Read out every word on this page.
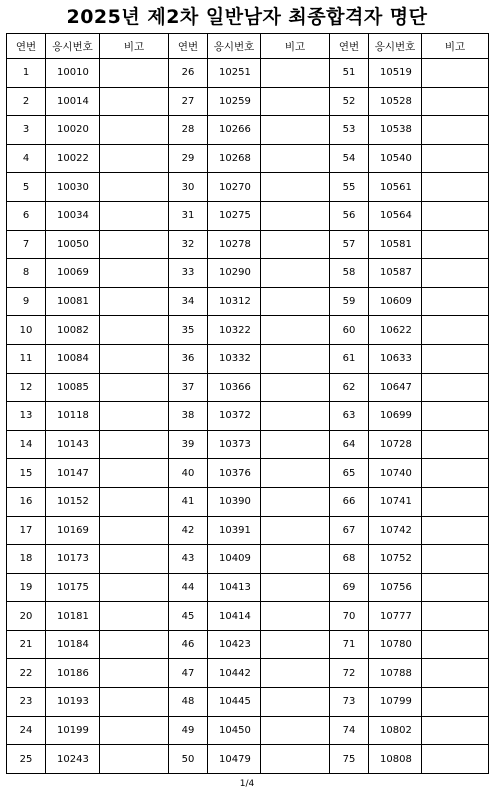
2025년 제2차 일반남자 최종합격자 명단
연번	응시번호	비고	연번	응시번호	비고	연번	응시번호	비고
1	10010		26	10251		51	10519	
2	10014		27	10259		52	10528	
3	10020		28	10266		53	10538	
4	10022		29	10268		54	10540	
5	10030		30	10270		55	10561	
6	10034		31	10275		56	10564	
7	10050		32	10278		57	10581	
8	10069		33	10290		58	10587	
9	10081		34	10312		59	10609	
10	10082		35	10322		60	10622	
11	10084		36	10332		61	10633	
12	10085		37	10366		62	10647	
13	10118		38	10372		63	10699	
14	10143		39	10373		64	10728	
15	10147		40	10376		65	10740	
16	10152		41	10390		66	10741	
17	10169		42	10391		67	10742	
18	10173		43	10409		68	10752	
19	10175		44	10413		69	10756	
20	10181		45	10414		70	10777	
21	10184		46	10423		71	10780	
22	10186		47	10442		72	10788	
23	10193		48	10445		73	10799	
24	10199		49	10450		74	10802	
25	10243		50	10479		75	10808	
1/4
